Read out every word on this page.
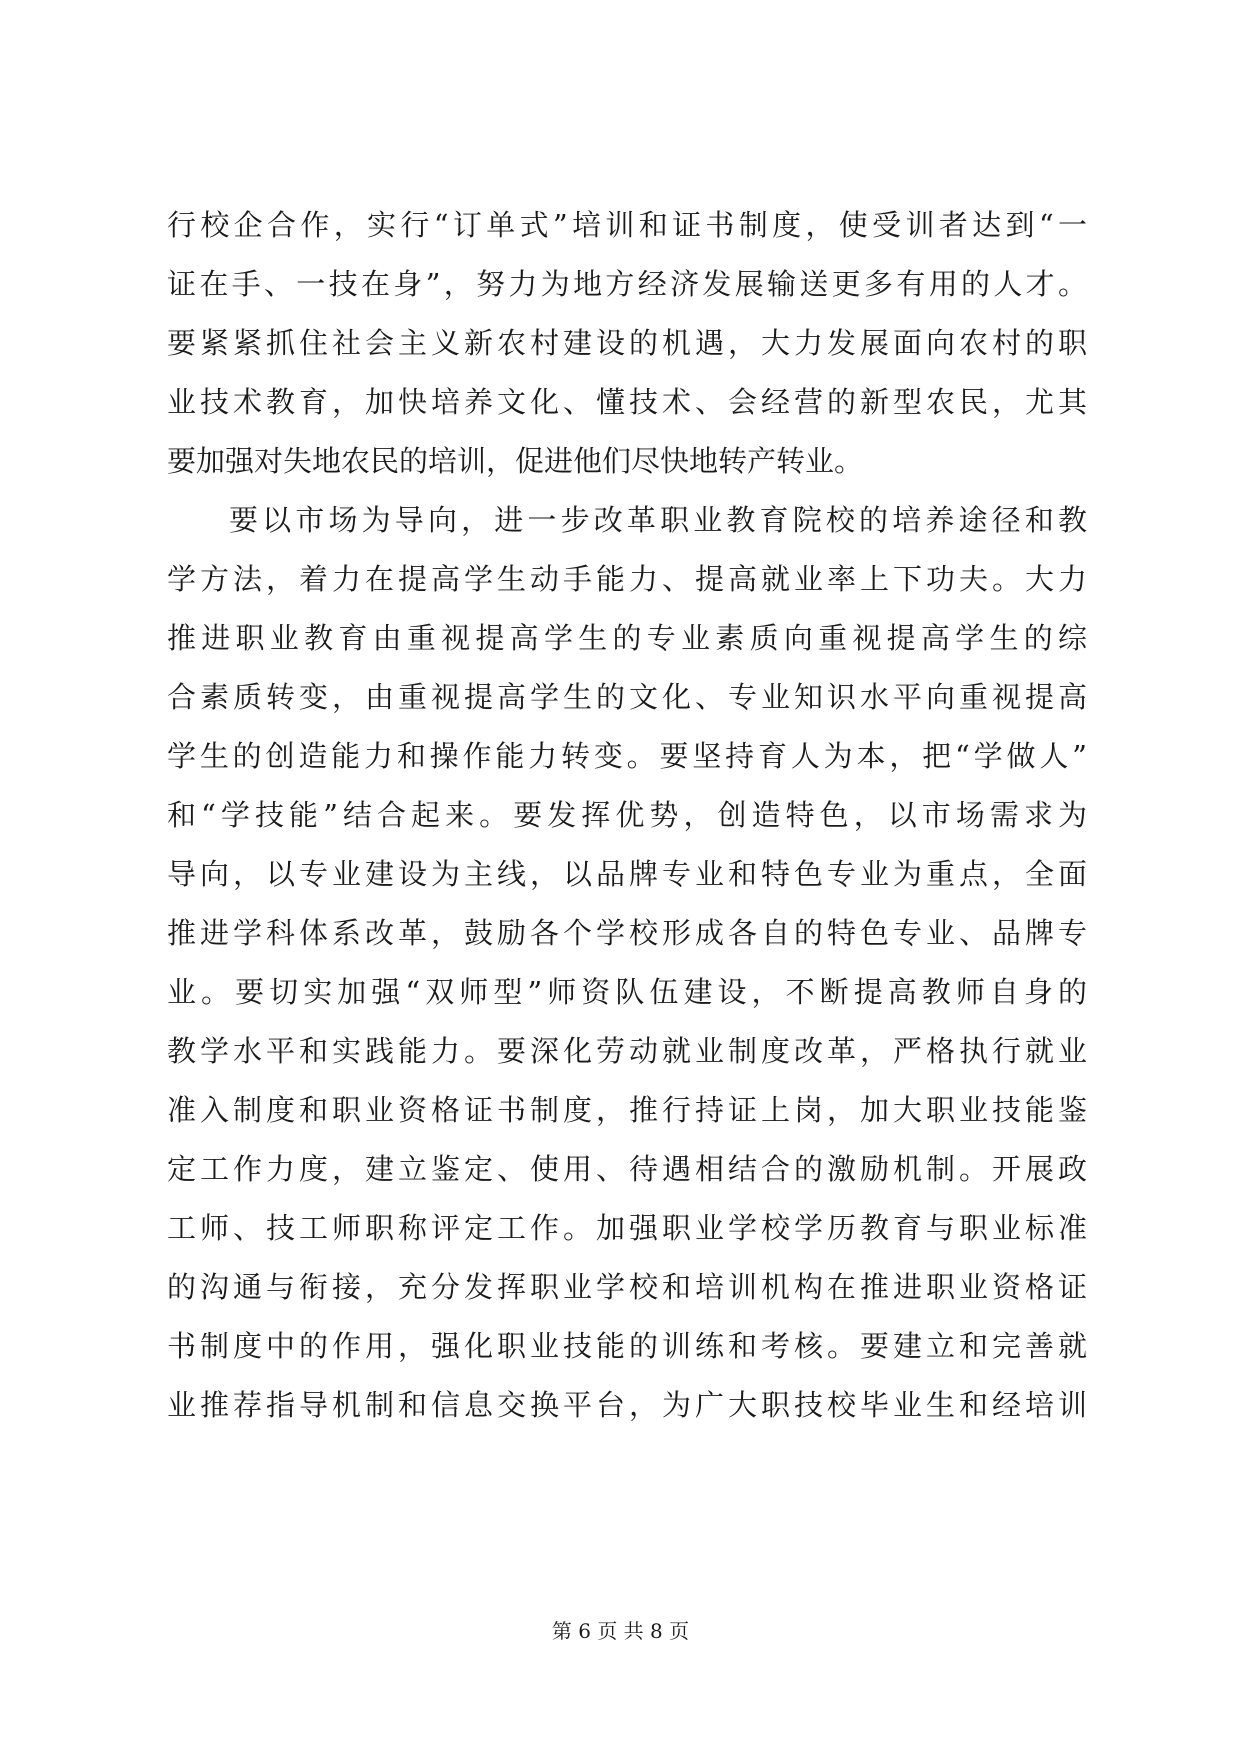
行校企合作，实行“订单式”培训和证书制度，使受训者达到“一
证在手、一技在身”，努力为地方经济发展输送更多有用的人才。
要紧紧抓住社会主义新农村建设的机遇，大力发展面向农村的职
业技术教育，加快培养文化、懂技术、会经营的新型农民，尤其
要加强对失地农民的培训，促进他们尽快地转产转业。
要以市场为导向，进一步改革职业教育院校的培养途径和教
学方法，着力在提高学生动手能力、提高就业率上下功夫。大力
推进职业教育由重视提高学生的专业素质向重视提高学生的综
合素质转变，由重视提高学生的文化、专业知识水平向重视提高
学生的创造能力和操作能力转变。要坚持育人为本，把“学做人”
和“学技能”结合起来。要发挥优势，创造特色，以市场需求为
导向，以专业建设为主线，以品牌专业和特色专业为重点，全面
推进学科体系改革，鼓励各个学校形成各自的特色专业、品牌专
业。要切实加强“双师型”师资队伍建设，不断提高教师自身的
教学水平和实践能力。要深化劳动就业制度改革，严格执行就业
准入制度和职业资格证书制度，推行持证上岗，加大职业技能鉴
定工作力度，建立鉴定、使用、待遇相结合的激励机制。开展政
工师、技工师职称评定工作。加强职业学校学历教育与职业标准
的沟通与衔接，充分发挥职业学校和培训机构在推进职业资格证
书制度中的作用，强化职业技能的训练和考核。要建立和完善就
业推荐指导机制和信息交换平台，为广大职技校毕业生和经培训
第 6 页 共 8 页
